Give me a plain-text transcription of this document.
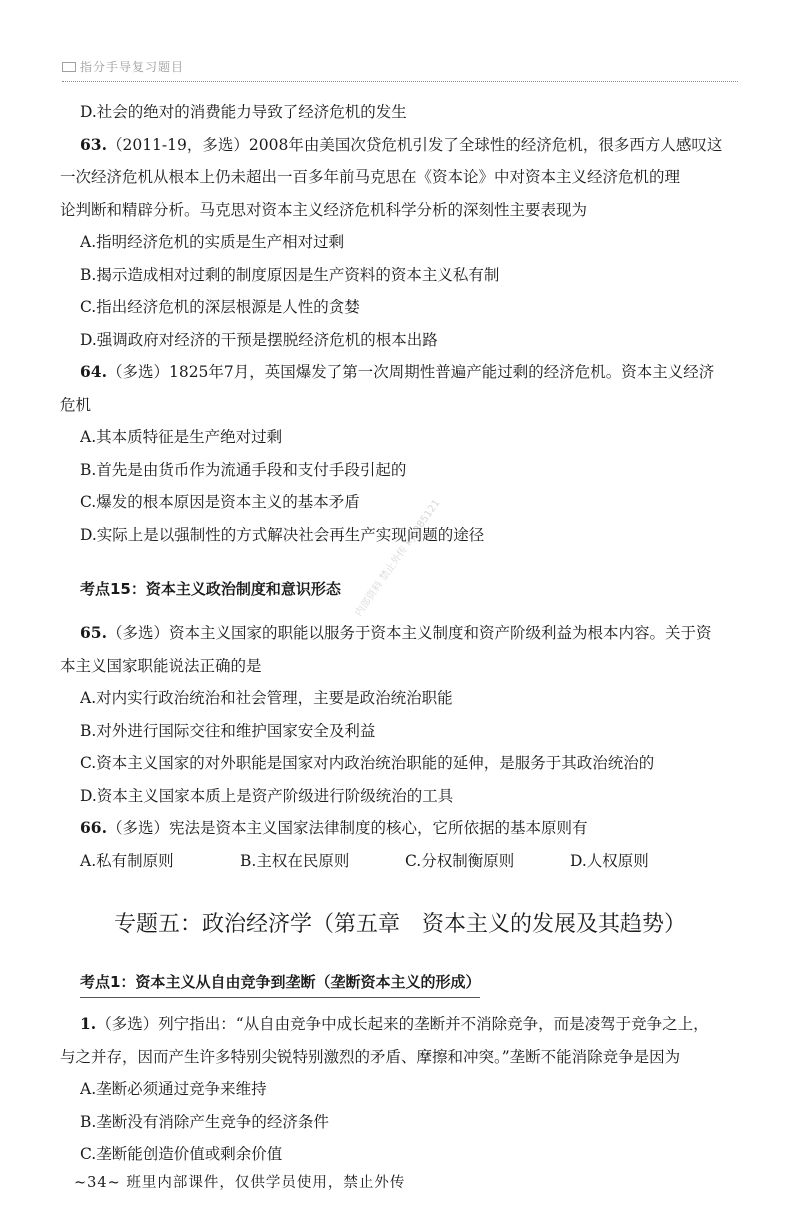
指分手导复习题目
内部资料 禁止外传 kyt985121
D.社会的绝对的消费能力导致了经济危机的发生
63.（2011-19，多选）2008年由美国次贷危机引发了全球性的经济危机，很多西方人感叹这
一次经济危机从根本上仍未超出一百多年前马克思在《资本论》中对资本主义经济危机的理
论判断和精辟分析。马克思对资本主义经济危机科学分析的深刻性主要表现为
A.指明经济危机的实质是生产相对过剩
B.揭示造成相对过剩的制度原因是生产资料的资本主义私有制
C.指出经济危机的深层根源是人性的贪婪
D.强调政府对经济的干预是摆脱经济危机的根本出路
64.（多选）1825年7月，英国爆发了第一次周期性普遍产能过剩的经济危机。资本主义经济
危机
A.其本质特征是生产绝对过剩
B.首先是由货币作为流通手段和支付手段引起的
C.爆发的根本原因是资本主义的基本矛盾
D.实际上是以强制性的方式解决社会再生产实现问题的途径
考点15：资本主义政治制度和意识形态
65.（多选）资本主义国家的职能以服务于资本主义制度和资产阶级利益为根本内容。关于资
本主义国家职能说法正确的是
A.对内实行政治统治和社会管理，主要是政治统治职能
B.对外进行国际交往和维护国家安全及利益
C.资本主义国家的对外职能是国家对内政治统治职能的延伸，是服务于其政治统治的
D.资本主义国家本质上是资产阶级进行阶级统治的工具
66.（多选）宪法是资本主义国家法律制度的核心，它所依据的基本原则有
A.私有制原则	B.主权在民原则	C.分权制衡原则	D.人权原则
专题五：政治经济学（第五章　资本主义的发展及其趋势）
考点1：资本主义从自由竞争到垄断（垄断资本主义的形成）
1.（多选）列宁指出：“从自由竞争中成长起来的垄断并不消除竞争，而是凌驾于竞争之上，
与之并存，因而产生许多特别尖锐特别激烈的矛盾、摩擦和冲突。”垄断不能消除竞争是因为
A.垄断必须通过竞争来维持
B.垄断没有消除产生竞争的经济条件
C.垄断能创造价值或剩余价值
~34~ 班里内部课件，仅供学员使用，禁止外传
